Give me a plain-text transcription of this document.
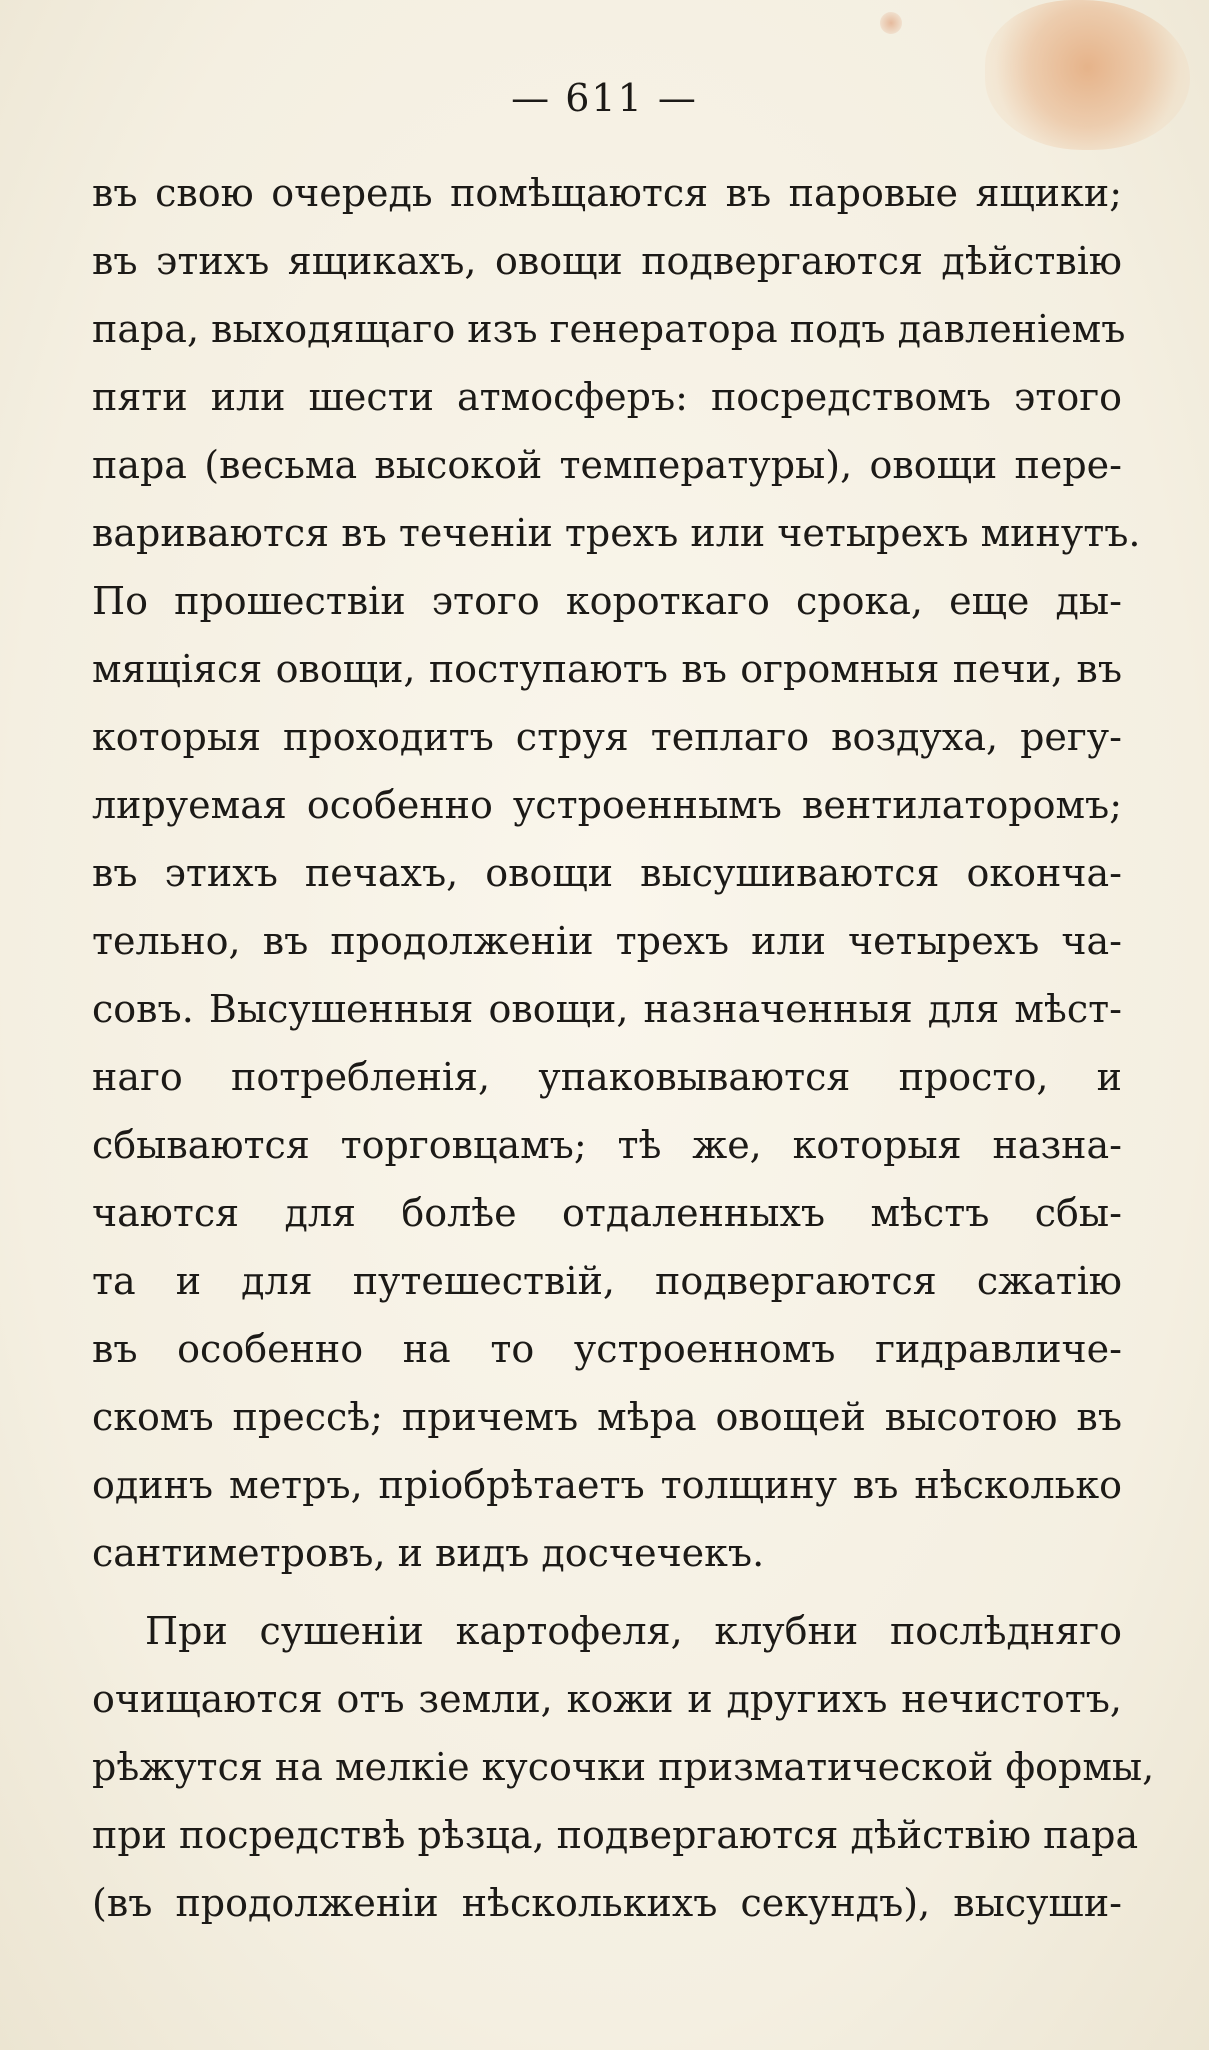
— 611 —
въ свою очередь помѣщаются въ паровые ящики;
въ этихъ ящикахъ, овощи подвергаются дѣйствію
пара, выходящаго изъ генератора подъ давленіемъ
пяти или шести атмосферъ: посредствомъ этого
пара (весьма высокой температуры), овощи пере-
вариваются въ теченіи трехъ или четырехъ минутъ.
По прошествіи этого короткаго срока, еще ды-
мящіяся овощи, поступаютъ въ огромныя печи, въ
которыя проходитъ струя теплаго воздуха, регу-
лируемая особенно устроеннымъ вентилаторомъ;
въ этихъ печахъ, овощи высушиваются оконча-
тельно, въ продолженіи трехъ или четырехъ ча-
совъ. Высушенныя овощи, назначенныя для мѣст-
наго потребленія, упаковываются просто, и
сбываются торговцамъ; тѣ же, которыя назна-
чаются для болѣе отдаленныхъ мѣстъ сбы-
та и для путешествій, подвергаются сжатію
въ особенно на то устроенномъ гидравличе-
скомъ прессѣ; причемъ мѣра овощей высотою въ
одинъ метръ, пріобрѣтаетъ толщину въ нѣсколько
сантиметровъ, и видъ досчечекъ.
При сушеніи картофеля, клубни послѣдняго
очищаются отъ земли, кожи и другихъ нечистотъ,
рѣжутся на мелкіе кусочки призматической формы,
при посредствѣ рѣзца, подвергаются дѣйствію пара
(въ продолженіи нѣсколькихъ секундъ), высуши-
